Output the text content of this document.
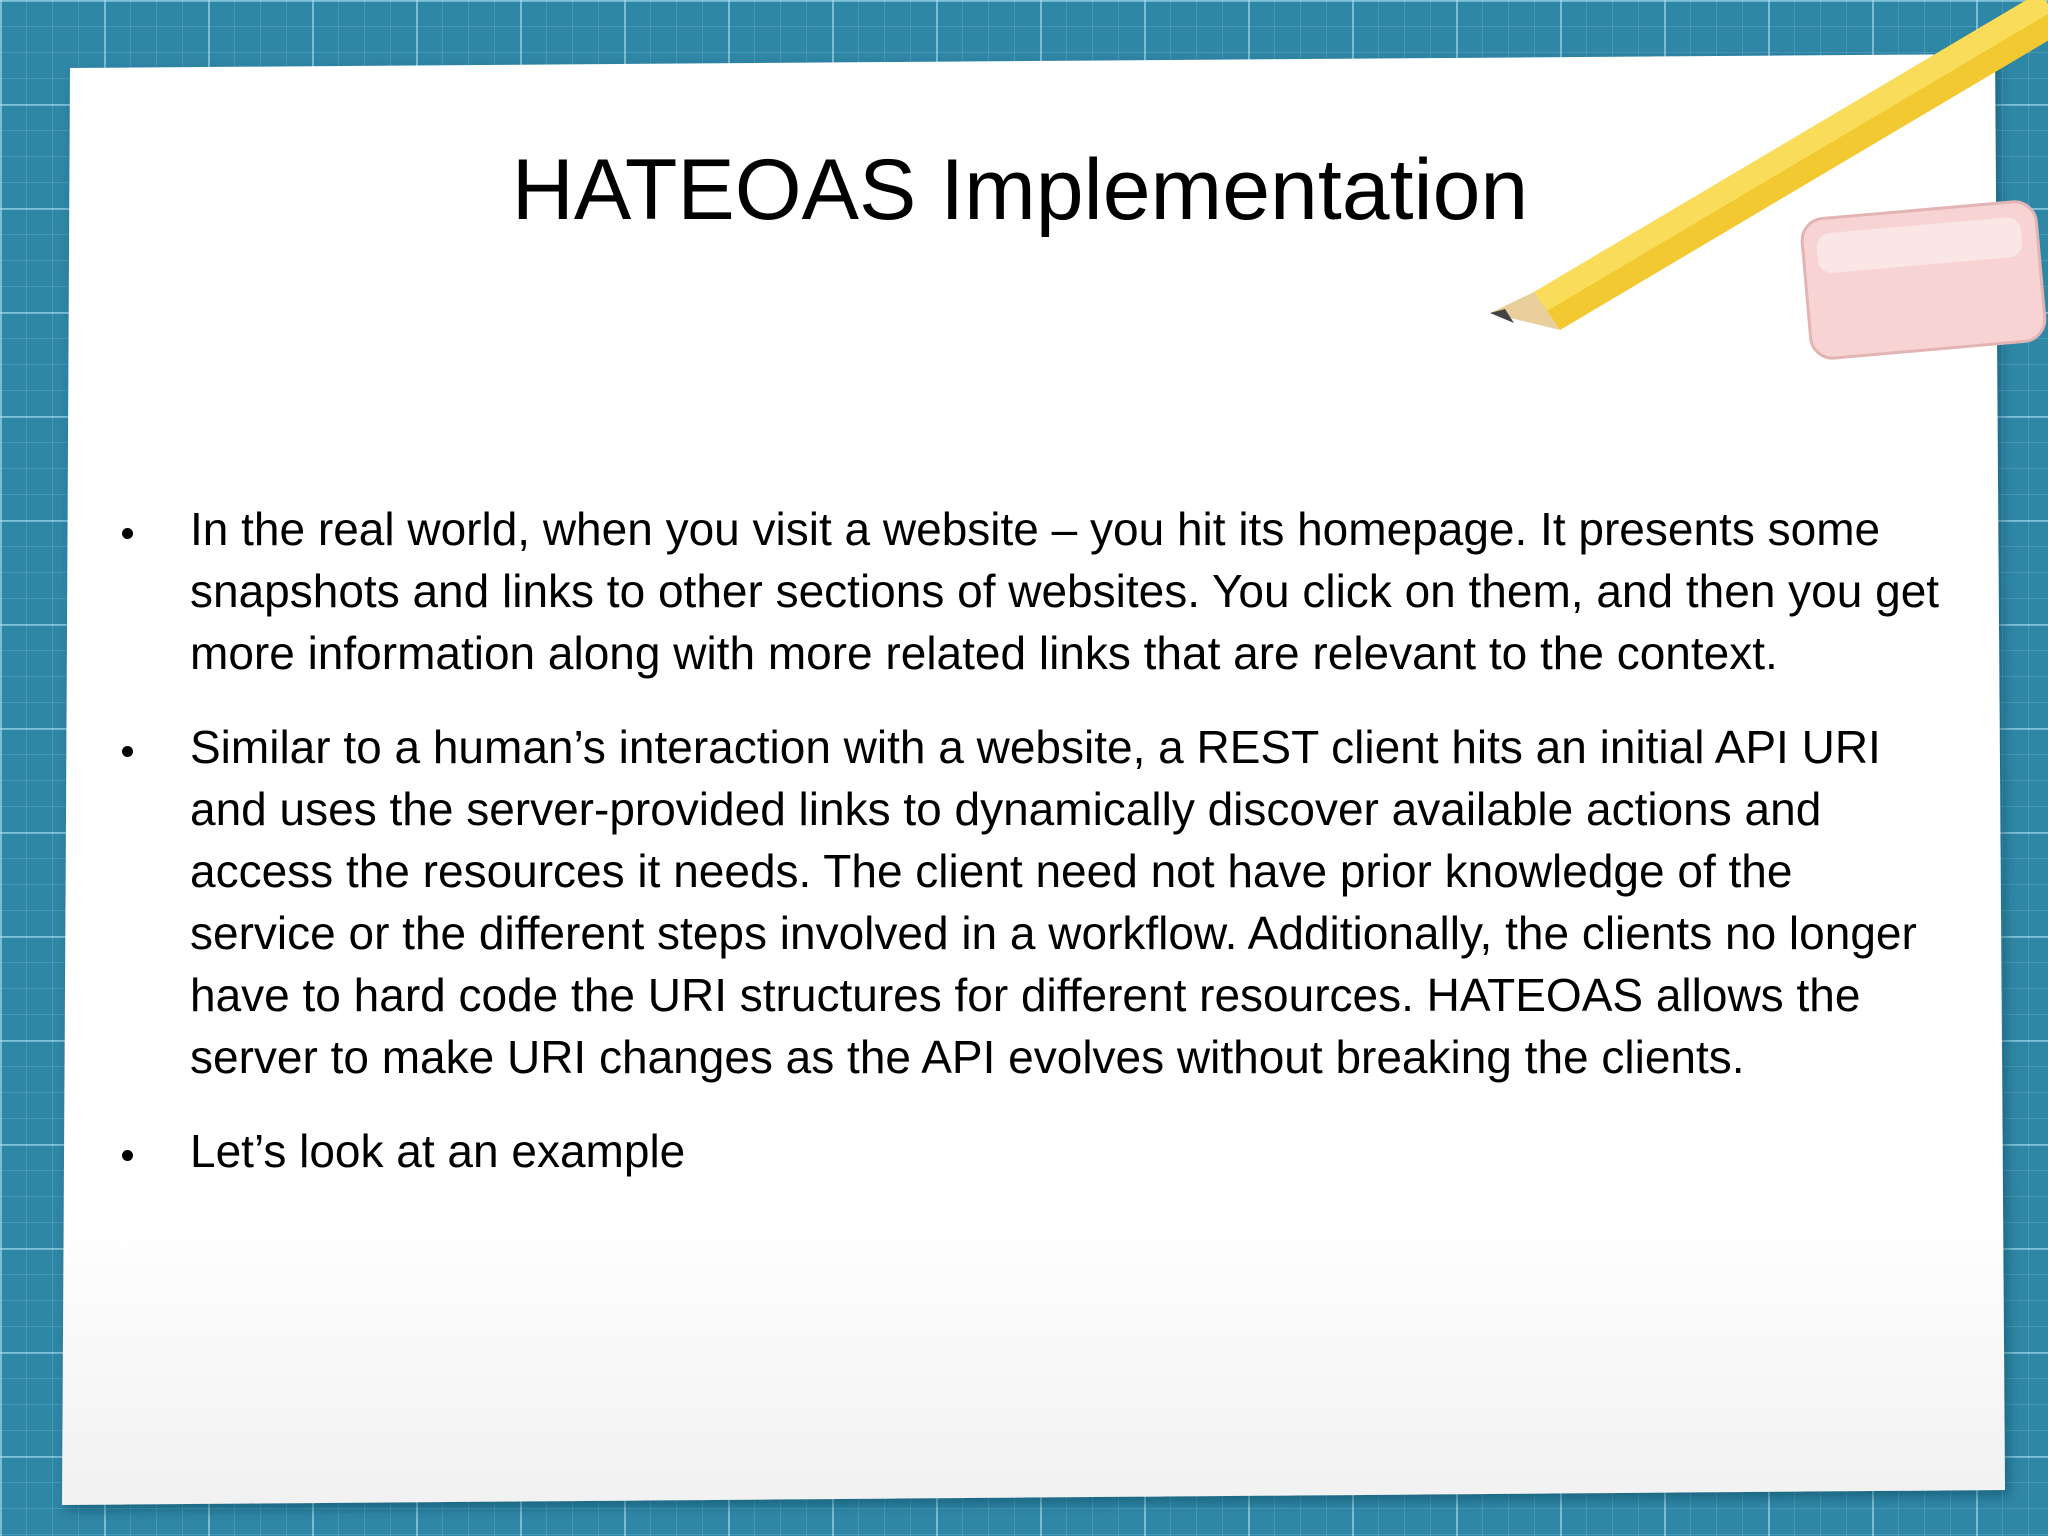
HATEOAS Implementation
In the real world, when you visit a website – you hit its homepage. It presents some snapshots and links to other sections of websites. You click on them, and then you get more information along with more related links that are relevant to the context.
Similar to a human’s interaction with a website, a REST client hits an initial API URI and uses the server-provided links to dynamically discover available actions and access the resources it needs. The client need not have prior knowledge of the service or the different steps involved in a workflow. Additionally, the clients no longer have to hard code the URI structures for different resources. HATEOAS allows the server to make URI changes as the API evolves without breaking the clients.
Let’s look at an example
